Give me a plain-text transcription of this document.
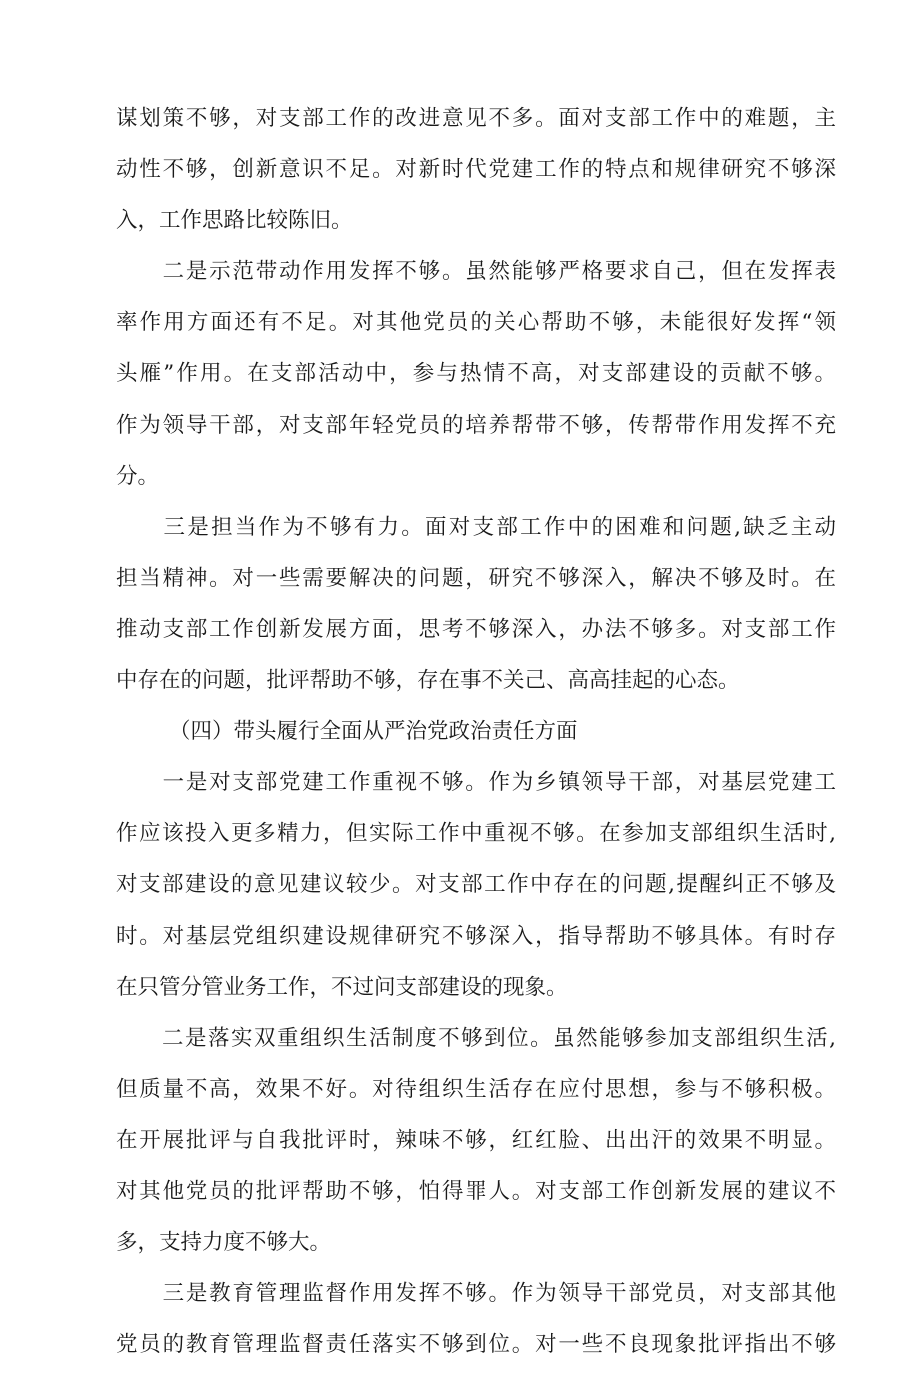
谋划策不够，对支部工作的改进意见不多。面对支部工作中的难题，主
动性不够，创新意识不足。对新时代党建工作的特点和规律研究不够深
入，工作思路比较陈旧。
　　二是示范带动作用发挥不够。虽然能够严格要求自己，但在发挥表
率作用方面还有不足。对其他党员的关心帮助不够，未能很好发挥“领
头雁”作用。在支部活动中，参与热情不高，对支部建设的贡献不够。
作为领导干部，对支部年轻党员的培养帮带不够，传帮带作用发挥不充
分。
　　三是担当作为不够有力。面对支部工作中的困难和问题,缺乏主动
担当精神。对一些需要解决的问题，研究不够深入，解决不够及时。在
推动支部工作创新发展方面，思考不够深入，办法不够多。对支部工作
中存在的问题，批评帮助不够，存在事不关己、高高挂起的心态。
（四）带头履行全面从严治党政治责任方面
　　一是对支部党建工作重视不够。作为乡镇领导干部，对基层党建工
作应该投入更多精力，但实际工作中重视不够。在参加支部组织生活时,
对支部建设的意见建议较少。对支部工作中存在的问题,提醒纠正不够及
时。对基层党组织建设规律研究不够深入，指导帮助不够具体。有时存
在只管分管业务工作，不过问支部建设的现象。
　　二是落实双重组织生活制度不够到位。虽然能够参加支部组织生活,
但质量不高，效果不好。对待组织生活存在应付思想，参与不够积极。
在开展批评与自我批评时，辣味不够，红红脸、出出汗的效果不明显。
对其他党员的批评帮助不够，怕得罪人。对支部工作创新发展的建议不
多，支持力度不够大。
　　三是教育管理监督作用发挥不够。作为领导干部党员，对支部其他
党员的教育管理监督责任落实不够到位。对一些不良现象批评指出不够
